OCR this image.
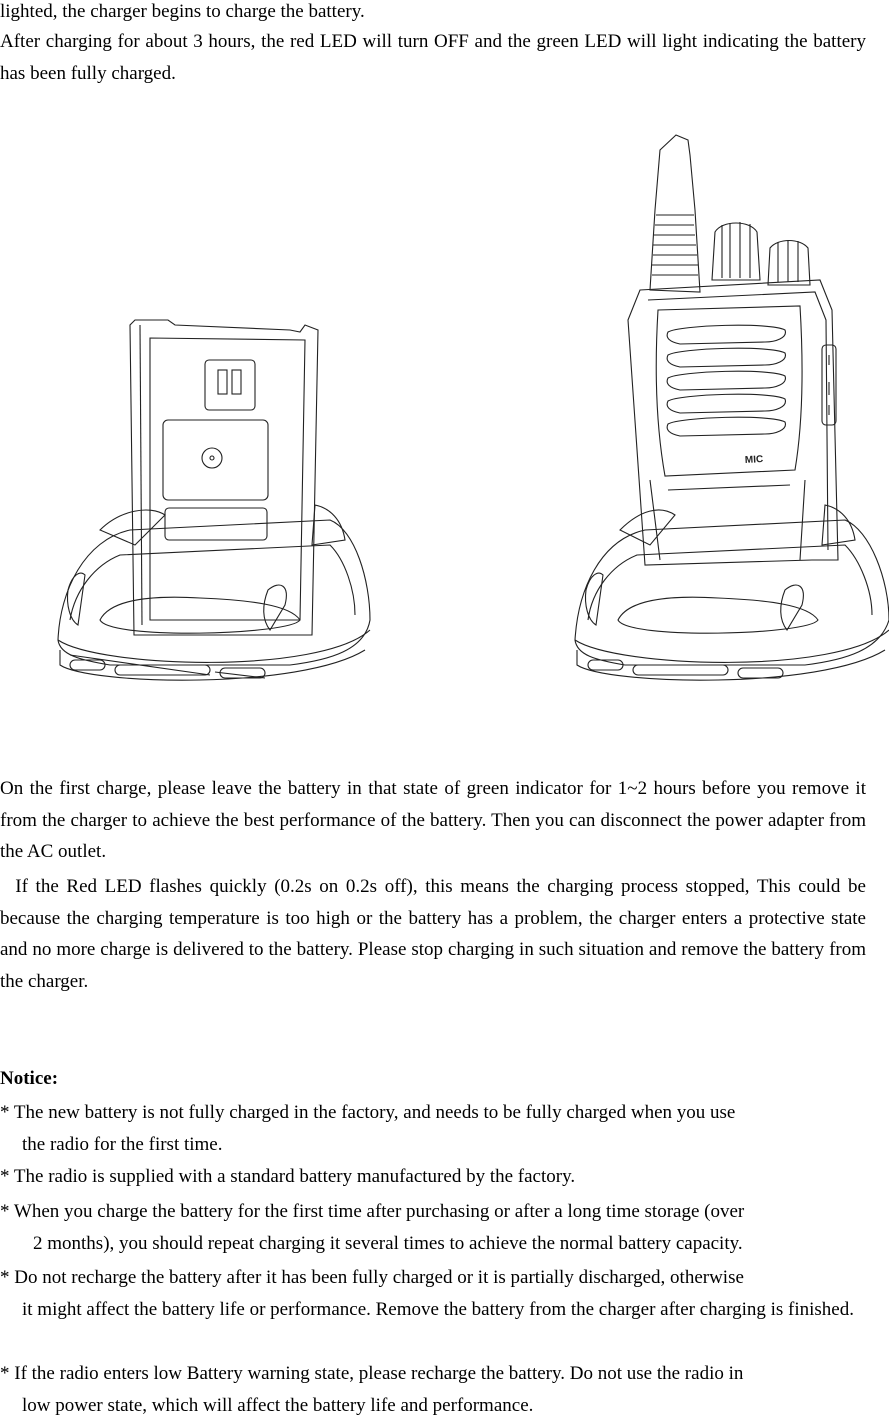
lighted, the charger begins to charge the battery.

After charging for about 3 hours, the red LED will turn OFF and the green LED will light indicating the battery has been fully charged.

MIC

On the first charge, please leave the battery in that state of green indicator for 1~2 hours before you remove it from the charger to achieve the best performance of the battery. Then you can disconnect the power adapter from the AC outlet.

If the Red LED flashes quickly (0.2s on 0.2s off), this means the charging process stopped, This could be because the charging temperature is too high or the battery has a problem, the charger enters a protective state and no more charge is delivered to the battery. Please stop charging in such situation and remove the battery from the charger.

Notice:

* The new battery is not fully charged in the factory, and needs to be fully charged when you use
the radio for the first time.

* The radio is supplied with a standard battery manufactured by the factory.

* When you charge the battery for the first time after purchasing or after a long time storage (over
2 months), you should repeat charging it several times to achieve the normal battery capacity.

* Do not recharge the battery after it has been fully charged or it is partially discharged, otherwise
it might affect the battery life or performance. Remove the battery from the charger after charging is finished.

* If the radio enters low Battery warning state, please recharge the battery. Do not use the radio in
low power state, which will affect the battery life and performance.
